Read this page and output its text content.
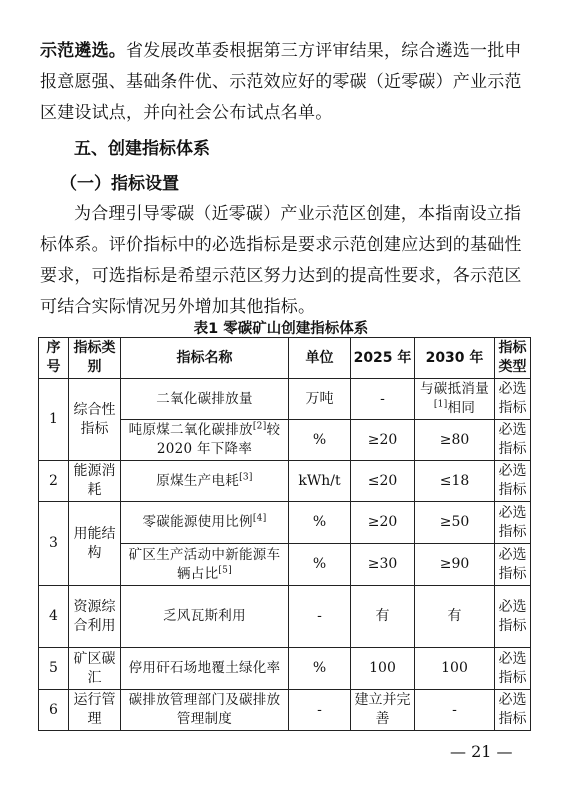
示范遴选。省发展改革委根据第三方评审结果，综合遴选一批申报意愿强、基础条件优、示范效应好的零碳（近零碳）产业示范区建设试点，并向社会公布试点名单。
五、创建指标体系
（一）指标设置
为合理引导零碳（近零碳）产业示范区创建，本指南设立指标体系。评价指标中的必选指标是要求示范创建应达到的基础性要求，可选指标是希望示范区努力达到的提高性要求，各示范区可结合实际情况另外增加其他指标。
表1 零碳矿山创建指标体系
序号	指标类别	指标名称	单位	2025 年	2030 年	指标类型
1	综合性指标	二氧化碳排放量	万吨	-	与碳抵消量[1]相同	必选指标
		吨原煤二氧化碳排放[2]较 2020 年下降率	%	≥20	≥80	必选指标
2	能源消耗	原煤生产电耗[3]	kWh/t	≤20	≤18	必选指标
3	用能结构	零碳能源使用比例[4]	%	≥20	≥50	必选指标
		矿区生产活动中新能源车辆占比[5]	%	≥30	≥90	必选指标
4	资源综合利用	乏风瓦斯利用	-	有	有	必选指标
5	矿区碳汇	停用矸石场地覆土绿化率	%	100	100	必选指标
6	运行管理	碳排放管理部门及碳排放管理制度	-	建立并完善	-	必选指标
— 21 —
